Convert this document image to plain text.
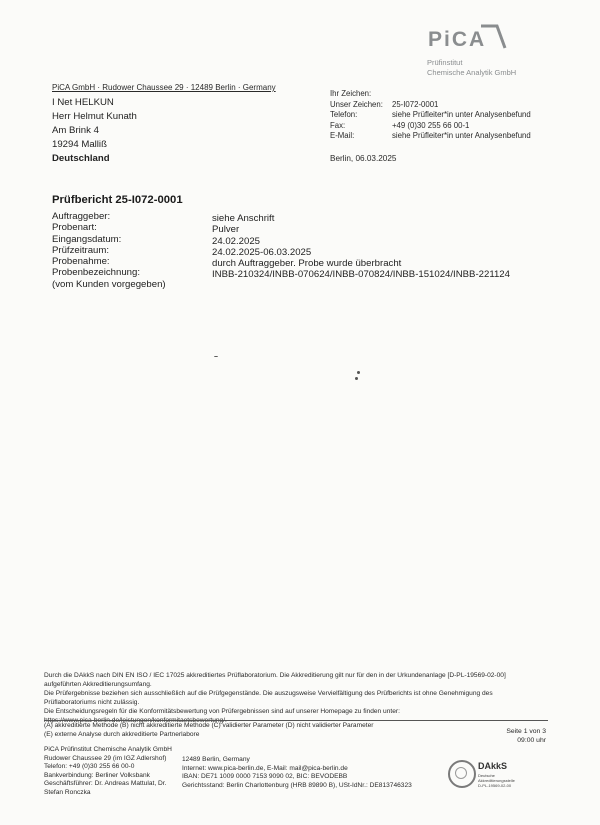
PiCA
Prüfinstitut
Chemische Analytik GmbH
PiCA GmbH · Rudower Chaussee 29 · 12489 Berlin · Germany
I Net HELKUN
Herr Helmut Kunath
Am Brink 4
19294 Malliß
Deutschland
Ihr Zeichen:
Unser Zeichen:	25-I072-0001
Telefon:	siehe Prüfleiter*in unter Analysenbefund
Fax:	+49 (0)30 255 66 00-1
E-Mail:	siehe Prüfleiter*in unter Analysenbefund
Berlin, 06.03.2025
Prüfbericht 25-I072-0001
Auftraggeber:	siehe Anschrift
Probenart:	Pulver
Eingangsdatum:	24.02.2025
Prüfzeitraum:	24.02.2025-06.03.2025
Probenahme:	durch Auftraggeber. Probe wurde überbracht
Probenbezeichnung:	INBB-210324/INBB-070624/INBB-070824/INBB-151024/INBB-221124
(vom Kunden vorgegeben)
Durch die DAkkS nach DIN EN ISO / IEC 17025 akkreditiertes Prüflaboratorium. Die Akkreditierung gilt nur für den in der Urkundenanlage [D-PL-19569-02-00]
aufgeführten Akkreditierungsumfang.
Die Prüfergebnisse beziehen sich ausschließlich auf die Prüfgegenstände. Die auszugsweise Vervielfältigung des Prüfberichts ist ohne Genehmigung des
Prüflaboratoriums nicht zulässig.
Die Entscheidungsregeln für die Konformitätsbewertung von Prüfergebnissen sind auf unserer Homepage zu finden unter:
https://www.pica-berlin.de/leistungen/konformitaetsbewertung/.
(A) akkreditierte Methode (B) nicht akkreditierte Methode (C) validierter Parameter (D) nicht validierter Parameter
(E) externe Analyse durch akkreditierte Partnerlabore	Seite 1 von 3
09:00 uhr
PiCA Prüfinstitut Chemische Analytik GmbH
Rudower Chaussee 29 (im IGZ Adlershof)
Telefon: +49 (0)30 255 66 00-0
Bankverbindung: Berliner Volksbank
Geschäftsführer: Dr. Andreas Mattulat, Dr.
Stefan Ronczka
12489 Berlin, Germany
Internet: www.pica-berlin.de, E-Mail: mail@pica-berlin.de
IBAN: DE71 1009 0000 7153 9090 02, BIC: BEVODEBB
Gerichtsstand: Berlin Charlottenburg (HRB 89890 B), USt-IdNr.: DE813746323
DAkkS
Deutsche
Akkreditierungsstelle
D-PL-19569-02-00
